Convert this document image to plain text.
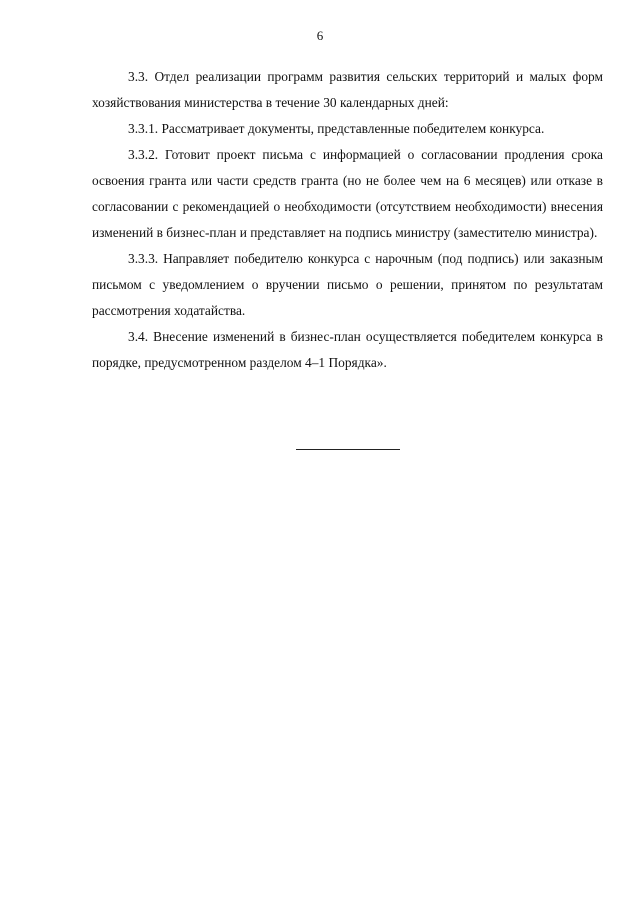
6

3.3. Отдел реализации программ развития сельских территорий и малых форм хозяйствования министерства в течение 30 календарных дней:

3.3.1. Рассматривает документы, представленные победителем конкурса.

3.3.2. Готовит проект письма с информацией о согласовании продления срока освоения гранта или части средств гранта (но не более чем на 6 месяцев) или отказе в согласовании с рекомендацией о необходимости (отсутствием необходимости) внесения изменений в бизнес-план и представляет на подпись министру (заместителю министра).

3.3.3. Направляет победителю конкурса с нарочным (под подпись) или заказным письмом с уведомлением о вручении письмо о решении, принятом по результатам рассмотрения ходатайства.

3.4. Внесение изменений в бизнес-план осуществляется победителем конкурса в порядке, предусмотренном разделом 4–1 Порядка».
